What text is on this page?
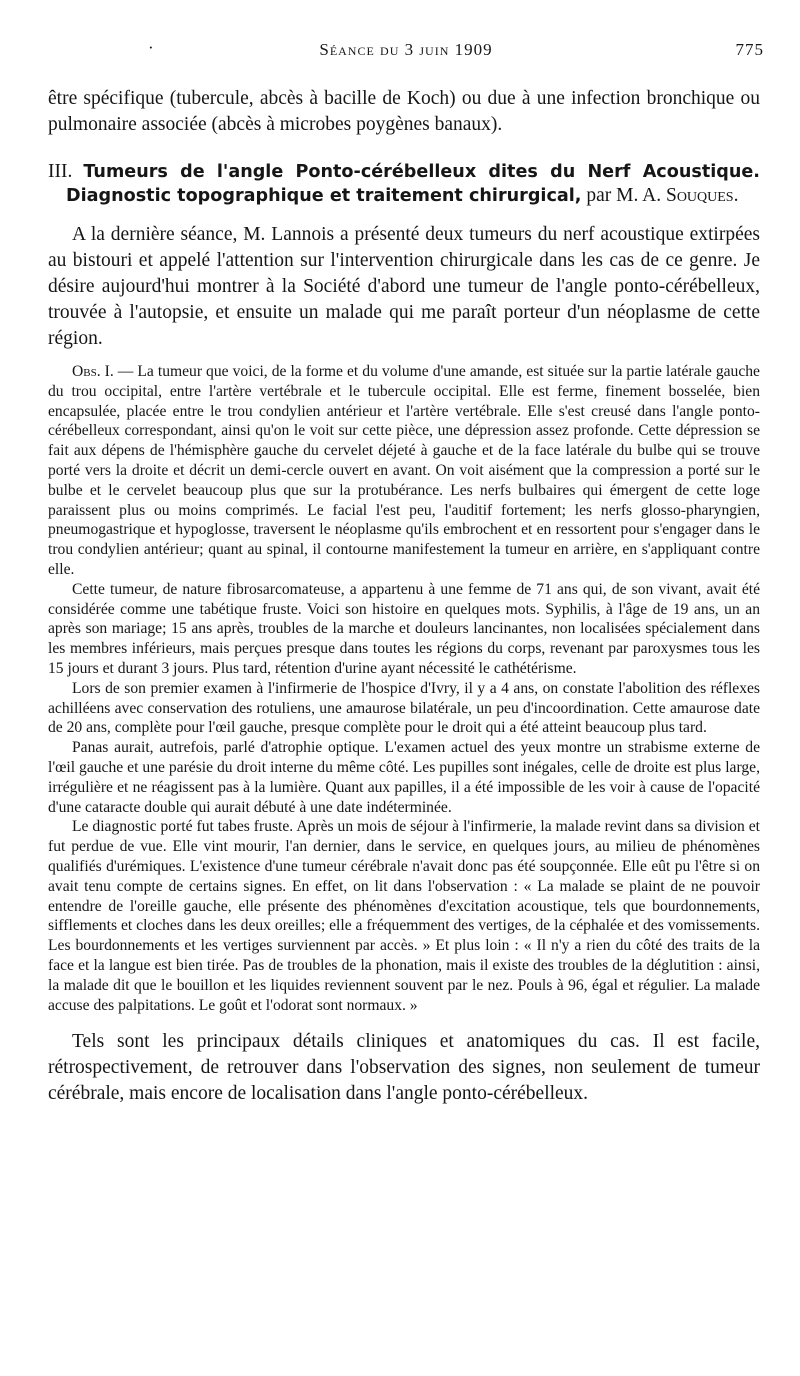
·	Séance du 3 juin 1909	775

être spécifique (tubercule, abcès à bacille de Koch) ou due à une infection bronchique ou pulmonaire associée (abcès à microbes poygènes banaux).

III. Tumeurs de l'angle Ponto-cérébelleux dites du Nerf Acoustique. Diagnostic topographique et traitement chirurgical, par M. A. Souques.

A la dernière séance, M. Lannois a présenté deux tumeurs du nerf acoustique extirpées au bistouri et appelé l'attention sur l'intervention chirurgicale dans les cas de ce genre. Je désire aujourd'hui montrer à la Société d'abord une tumeur de l'angle ponto-cérébelleux, trouvée à l'autopsie, et ensuite un malade qui me paraît porteur d'un néoplasme de cette région.

Obs. I. — La tumeur que voici, de la forme et du volume d'une amande, est située sur la partie latérale gauche du trou occipital, entre l'artère vertébrale et le tubercule occipital. Elle est ferme, finement bosselée, bien encapsulée, placée entre le trou condylien antérieur et l'artère vertébrale. Elle s'est creusé dans l'angle ponto-cérébelleux correspondant, ainsi qu'on le voit sur cette pièce, une dépression assez profonde. Cette dépression se fait aux dépens de l'hémisphère gauche du cervelet déjeté à gauche et de la face latérale du bulbe qui se trouve porté vers la droite et décrit un demi-cercle ouvert en avant. On voit aisément que la compression a porté sur le bulbe et le cervelet beaucoup plus que sur la protubérance. Les nerfs bulbaires qui émergent de cette loge paraissent plus ou moins comprimés. Le facial l'est peu, l'auditif fortement; les nerfs glosso-pharyngien, pneumogastrique et hypoglosse, traversent le néoplasme qu'ils embrochent et en ressortent pour s'engager dans le trou condylien antérieur; quant au spinal, il contourne manifestement la tumeur en arrière, en s'appliquant contre elle.

Cette tumeur, de nature fibrosarcomateuse, a appartenu à une femme de 71 ans qui, de son vivant, avait été considérée comme une tabétique fruste. Voici son histoire en quelques mots. Syphilis, à l'âge de 19 ans, un an après son mariage; 15 ans après, troubles de la marche et douleurs lancinantes, non localisées spécialement dans les membres inférieurs, mais perçues presque dans toutes les régions du corps, revenant par paroxysmes tous les 15 jours et durant 3 jours. Plus tard, rétention d'urine ayant nécessité le cathétérisme.

Lors de son premier examen à l'infirmerie de l'hospice d'Ivry, il y a 4 ans, on constate l'abolition des réflexes achilléens avec conservation des rotuliens, une amaurose bilatérale, un peu d'incoordination. Cette amaurose date de 20 ans, complète pour l'œil gauche, presque complète pour le droit qui a été atteint beaucoup plus tard.

Panas aurait, autrefois, parlé d'atrophie optique. L'examen actuel des yeux montre un strabisme externe de l'œil gauche et une parésie du droit interne du même côté. Les pupilles sont inégales, celle de droite est plus large, irrégulière et ne réagissent pas à la lumière. Quant aux papilles, il a été impossible de les voir à cause de l'opacité d'une cataracte double qui aurait débuté à une date indéterminée.

Le diagnostic porté fut tabes fruste. Après un mois de séjour à l'infirmerie, la malade revint dans sa division et fut perdue de vue. Elle vint mourir, l'an dernier, dans le service, en quelques jours, au milieu de phénomènes qualifiés d'urémiques. L'existence d'une tumeur cérébrale n'avait donc pas été soupçonnée. Elle eût pu l'être si on avait tenu compte de certains signes. En effet, on lit dans l'observation : « La malade se plaint de ne pouvoir entendre de l'oreille gauche, elle présente des phénomènes d'excitation acoustique, tels que bourdonnements, sifflements et cloches dans les deux oreilles; elle a fréquemment des vertiges, de la céphalée et des vomissements. Les bourdonnements et les vertiges surviennent par accès. » Et plus loin : « Il n'y a rien du côté des traits de la face et la langue est bien tirée. Pas de troubles de la phonation, mais il existe des troubles de la déglutition : ainsi, la malade dit que le bouillon et les liquides reviennent souvent par le nez. Pouls à 96, égal et régulier. La malade accuse des palpitations. Le goût et l'odorat sont normaux. »

Tels sont les principaux détails cliniques et anatomiques du cas. Il est facile, rétrospectivement, de retrouver dans l'observation des signes, non seulement de tumeur cérébrale, mais encore de localisation dans l'angle ponto-cérébelleux.
